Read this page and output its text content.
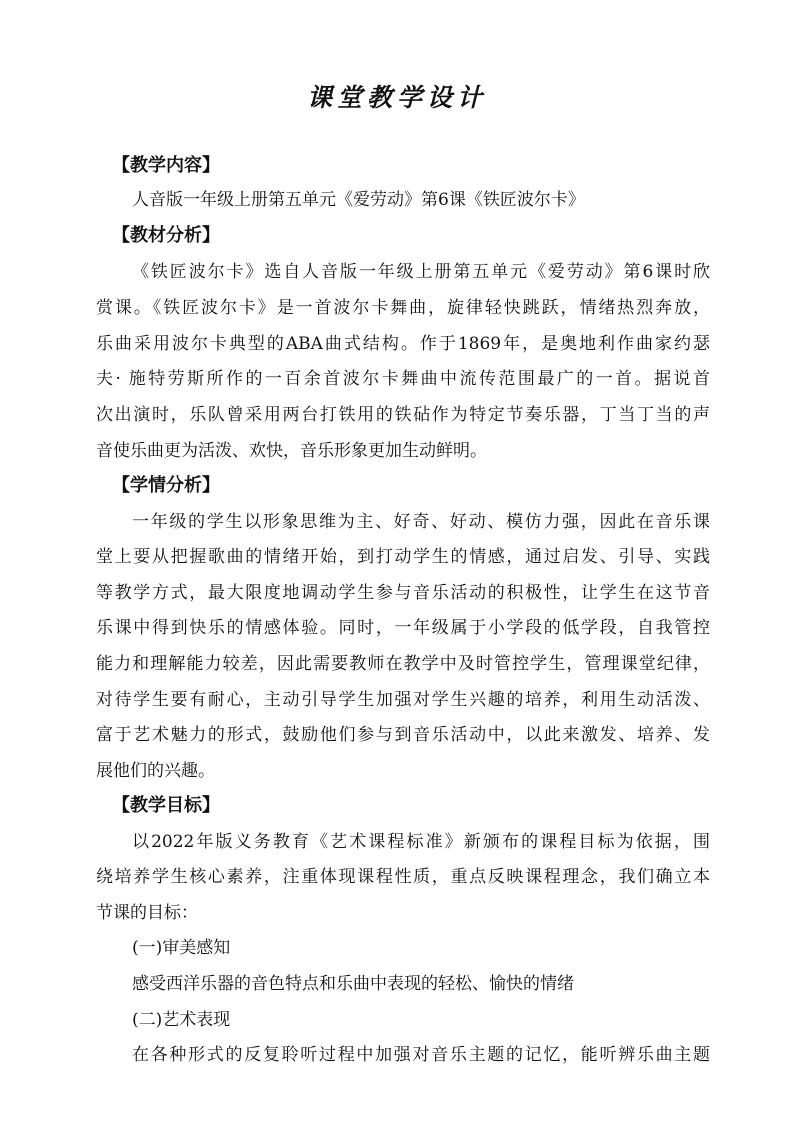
课堂教学设计
【教学内容】
人音版一年级上册第五单元《爱劳动》第6课《铁匠波尔卡》
【教材分析】
《铁匠波尔卡》选自人音版一年级上册第五单元《爱劳动》第6课时欣
赏课。《铁匠波尔卡》是一首波尔卡舞曲，旋律轻快跳跃，情绪热烈奔放，
乐曲采用波尔卡典型的ABA曲式结构。作于1869年，是奥地利作曲家约瑟
夫· 施特劳斯所作的一百余首波尔卡舞曲中流传范围最广的一首。据说首
次出演时，乐队曾采用两台打铁用的铁砧作为特定节奏乐器，丁当丁当的声
音使乐曲更为活泼、欢快，音乐形象更加生动鲜明。
【学情分析】
一年级的学生以形象思维为主、好奇、好动、模仿力强，因此在音乐课
堂上要从把握歌曲的情绪开始，到打动学生的情感，通过启发、引导、实践
等教学方式，最大限度地调动学生参与音乐活动的积极性，让学生在这节音
乐课中得到快乐的情感体验。同时，一年级属于小学段的低学段，自我管控
能力和理解能力较差，因此需要教师在教学中及时管控学生，管理课堂纪律，
对待学生要有耐心，主动引导学生加强对学生兴趣的培养，利用生动活泼、
富于艺术魅力的形式，鼓励他们参与到音乐活动中，以此来激发、培养、发
展他们的兴趣。
【教学目标】
以2022年版义务教育《艺术课程标准》新颁布的课程目标为依据，围
绕培养学生核心素养，注重体现课程性质，重点反映课程理念，我们确立本
节课的目标：
(一)审美感知
感受西洋乐器的音色特点和乐曲中表现的轻松、愉快的情绪
(二)艺术表现
在各种形式的反复聆听过程中加强对音乐主题的记忆，能听辨乐曲主题
